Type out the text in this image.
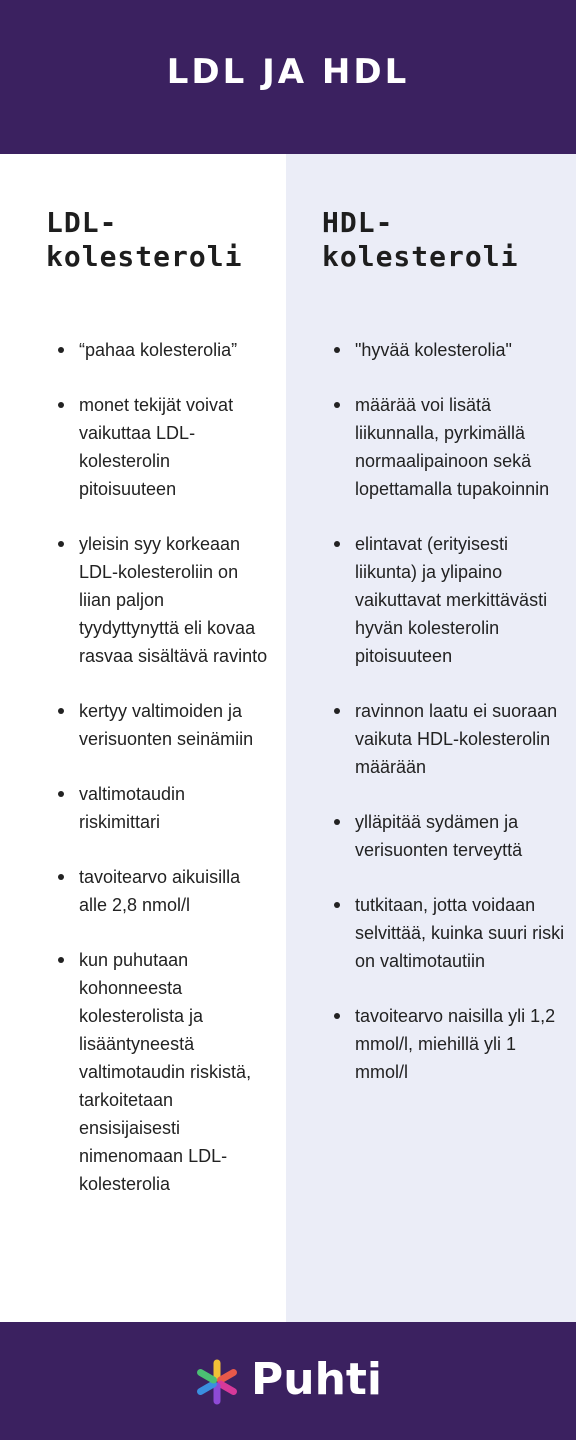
LDL JA HDL
LDL-kolesteroli
“pahaa kolesterolia”
monet tekijät voivat vaikuttaa LDL-kolesterolin pitoisuuteen
yleisin syy korkeaan LDL-kolesteroliin on liian paljon tyydyttynyttä eli kovaa rasvaa sisältävä ravinto
kertyy valtimoiden ja verisuonten seinämiin
valtimotaudin riskimittari
tavoitearvo aikuisilla alle 2,8 nmol/l
kun puhutaan kohonneesta kolesterolista ja lisääntyneestä valtimotaudin riskistä, tarkoitetaan ensisijaisesti nimenomaan LDL-kolesterolia
HDL-kolesteroli
"hyvää kolesterolia"
määrää voi lisätä liikunnalla, pyrkimällä normaalipainoon sekä lopettamalla tupakoinnin
elintavat (erityisesti liikunta) ja ylipaino vaikuttavat merkittävästi hyvän kolesterolin pitoisuuteen
ravinnon laatu ei suoraan vaikuta HDL-kolesterolin määrään
ylläpitää sydämen ja verisuonten terveyttä
tutkitaan, jotta voidaan selvittää, kuinka suuri riski on valtimotautiin
tavoitearvo naisilla yli 1,2 mmol/l, miehillä yli 1 mmol/l
Puhti
